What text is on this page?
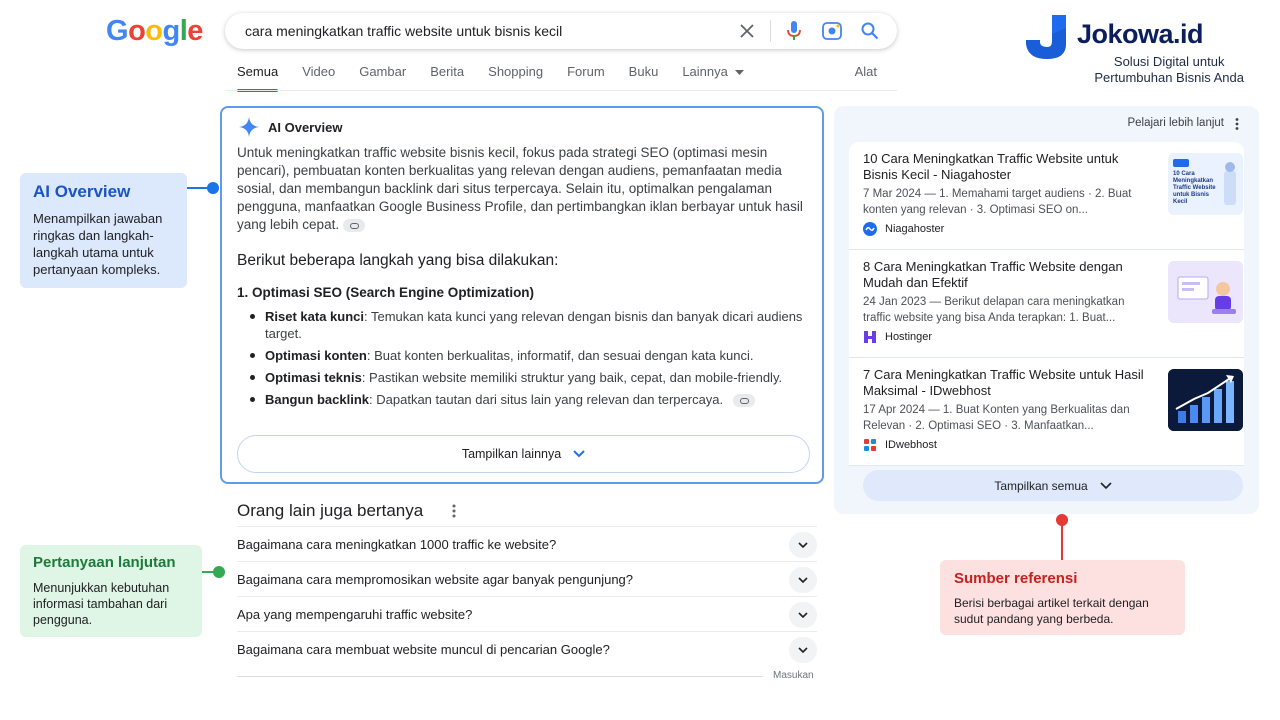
Google	cara meningkatkan traffic website untuk bisnis kecil
Semua Video Gambar Berita Shopping Forum Buku Lainnya	Alat
Jokowa.id
Solusi Digital untuk
Pertumbuhan Bisnis Anda
AI Overview
Untuk meningkatkan traffic website bisnis kecil, fokus pada strategi SEO (optimasi mesin pencari), pembuatan konten berkualitas yang relevan dengan audiens, pemanfaatan media sosial, dan membangun backlink dari situs terpercaya. Selain itu, optimalkan pengalaman pengguna, manfaatkan Google Business Profile, dan pertimbangkan iklan berbayar untuk hasil yang lebih cepat.
Berikut beberapa langkah yang bisa dilakukan:
1. Optimasi SEO (Search Engine Optimization)
Riset kata kunci: Temukan kata kunci yang relevan dengan bisnis dan banyak dicari audiens target.
Optimasi konten: Buat konten berkualitas, informatif, dan sesuai dengan kata kunci.
Optimasi teknis: Pastikan website memiliki struktur yang baik, cepat, dan mobile-friendly.
Bangun backlink: Dapatkan tautan dari situs lain yang relevan dan terpercaya.
Tampilkan lainnya
Orang lain juga bertanya
Bagaimana cara meningkatkan 1000 traffic ke website?
Bagaimana cara mempromosikan website agar banyak pengunjung?
Apa yang mempengaruhi traffic website?
Bagaimana cara membuat website muncul di pencarian Google?
Masukan
Pelajari lebih lanjut
10 Cara Meningkatkan Traffic Website untuk Bisnis Kecil - Niagahoster
7 Mar 2024 — 1. Memahami target audiens · 2. Buat konten yang relevan · 3. Optimasi SEO on...
Niagahoster
10 Cara Meningkatkan Traffic Website untuk Bisnis Kecil
8 Cara Meningkatkan Traffic Website dengan Mudah dan Efektif
24 Jan 2023 — Berikut delapan cara meningkatkan traffic website yang bisa Anda terapkan: 1. Buat...
Hostinger
7 Cara Meningkatkan Traffic Website untuk Hasil Maksimal - IDwebhost
17 Apr 2024 — 1. Buat Konten yang Berkualitas dan Relevan · 2. Optimasi SEO · 3. Manfaatkan...
IDwebhost
Tampilkan semua
AI Overview
Menampilkan jawaban ringkas dan langkah-langkah utama untuk pertanyaan kompleks.
Pertanyaan lanjutan
Menunjukkan kebutuhan informasi tambahan dari pengguna.
Sumber referensi
Berisi berbagai artikel terkait dengan sudut pandang yang berbeda.
